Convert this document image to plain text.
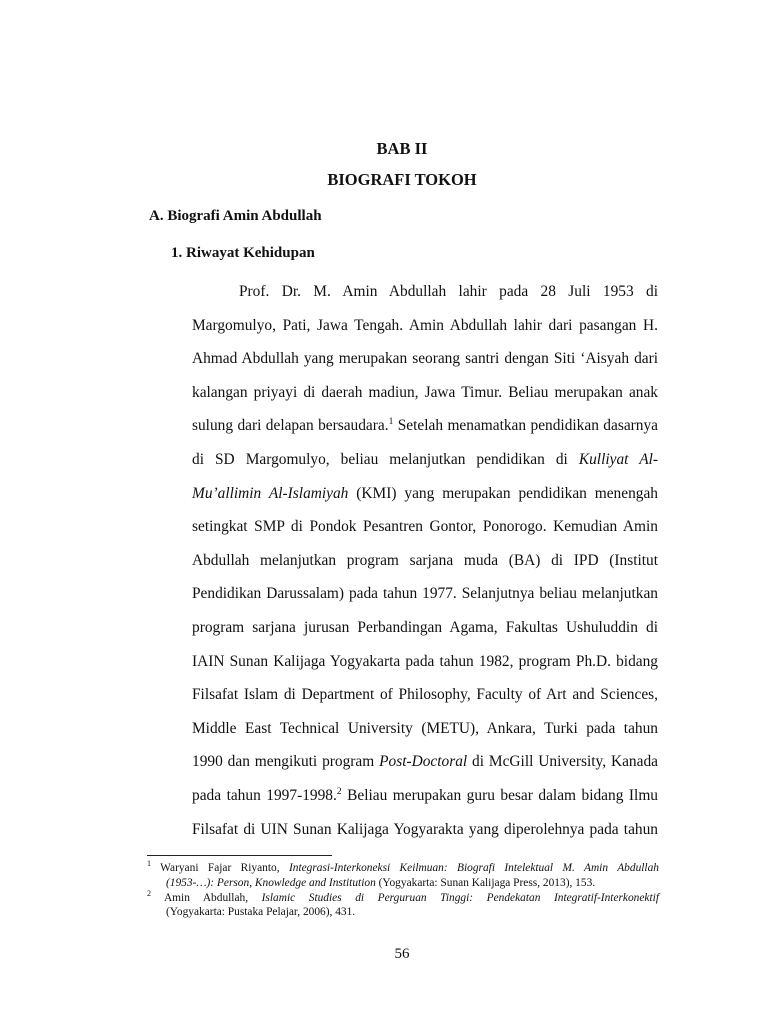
BAB II
BIOGRAFI TOKOH
A. Biografi Amin Abdullah
1. Riwayat Kehidupan
Prof. Dr. M. Amin Abdullah lahir pada 28 Juli 1953 di
Margomulyo, Pati, Jawa Tengah. Amin Abdullah lahir dari pasangan H.
Ahmad Abdullah yang merupakan seorang santri dengan Siti ‘Aisyah dari
kalangan priyayi di daerah madiun, Jawa Timur. Beliau merupakan anak
sulung dari delapan bersaudara.$^1$ Setelah menamatkan pendidikan dasarnya
di SD Margomulyo, beliau melanjutkan pendidikan di Kulliyat Al-
Mu’allimin Al-Islamiyah (KMI) yang merupakan pendidikan menengah
setingkat SMP di Pondok Pesantren Gontor, Ponorogo. Kemudian Amin
Abdullah melanjutkan program sarjana muda (BA) di IPD (Institut
Pendidikan Darussalam) pada tahun 1977. Selanjutnya beliau melanjutkan
program sarjana jurusan Perbandingan Agama, Fakultas Ushuluddin di
IAIN Sunan Kalijaga Yogyakarta pada tahun 1982, program Ph.D. bidang
Filsafat Islam di Department of Philosophy, Faculty of Art and Sciences,
Middle East Technical University (METU), Ankara, Turki pada tahun
1990 dan mengikuti program Post-Doctoral di McGill University, Kanada
pada tahun 1997-1998.$^2$ Beliau merupakan guru besar dalam bidang Ilmu
Filsafat di UIN Sunan Kalijaga Yogyarakta yang diperolehnya pada tahun
$^1$ Waryani Fajar Riyanto, Integrasi-Interkoneksi Keilmuan: Biografi Intelektual M. Amin Abdullah
(1953-…): Person, Knowledge and Institution (Yogyakarta: Sunan Kalijaga Press, 2013), 153.
$^2$ Amin Abdullah, Islamic Studies di Perguruan Tinggi: Pendekatan Integratif-Interkonektif
(Yogyakarta: Pustaka Pelajar, 2006), 431.
56
